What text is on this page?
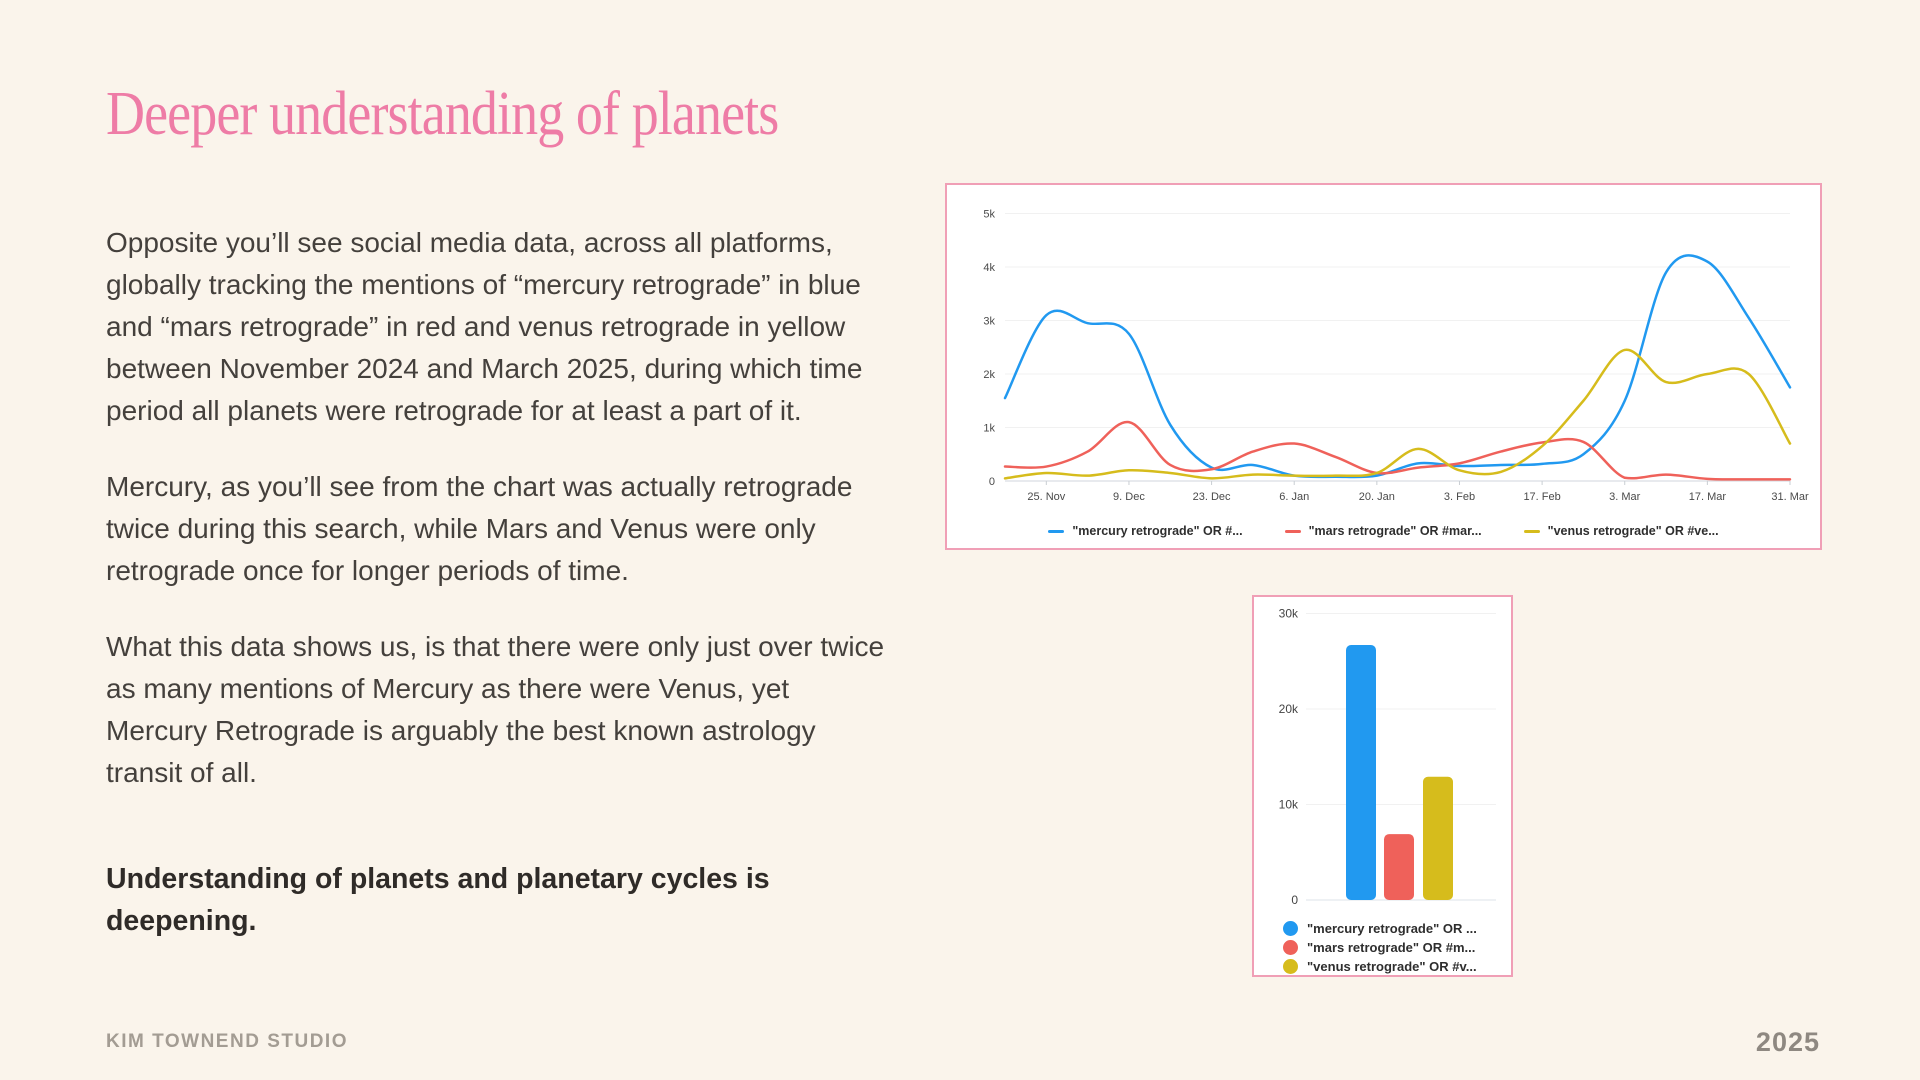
Deeper understanding of planets

Opposite you’ll see social media data, across all platforms, globally tracking the mentions of “mercury retrograde” in blue and “mars retrograde” in red and venus retrograde in yellow between November 2024 and March 2025, during which time period all planets were retrograde for at least a part of it.

Mercury, as you’ll see from the chart was actually retrograde twice during this search, while Mars and Venus were only retrograde once for longer periods of time.

What this data shows us, is that there were only just over twice as many mentions of Mercury as there were Venus, yet Mercury Retrograde is arguably the best known astrology transit of all.

Understanding of planets and planetary cycles is deepening.

KIM TOWNEND STUDIO	2025
0
1k
2k
3k
4k
5k
25. Nov	9. Dec	23. Dec	6. Jan	20. Jan	3. Feb	17. Feb	3. Mar	17. Mar	31. Mar
"mercury retrograde" OR #...	"mars retrograde" OR #mar...	"venus retrograde" OR #ve...
0
10k
20k
30k
"mercury retrograde" OR ...
"mars retrograde" OR #m...
"venus retrograde" OR #v...
